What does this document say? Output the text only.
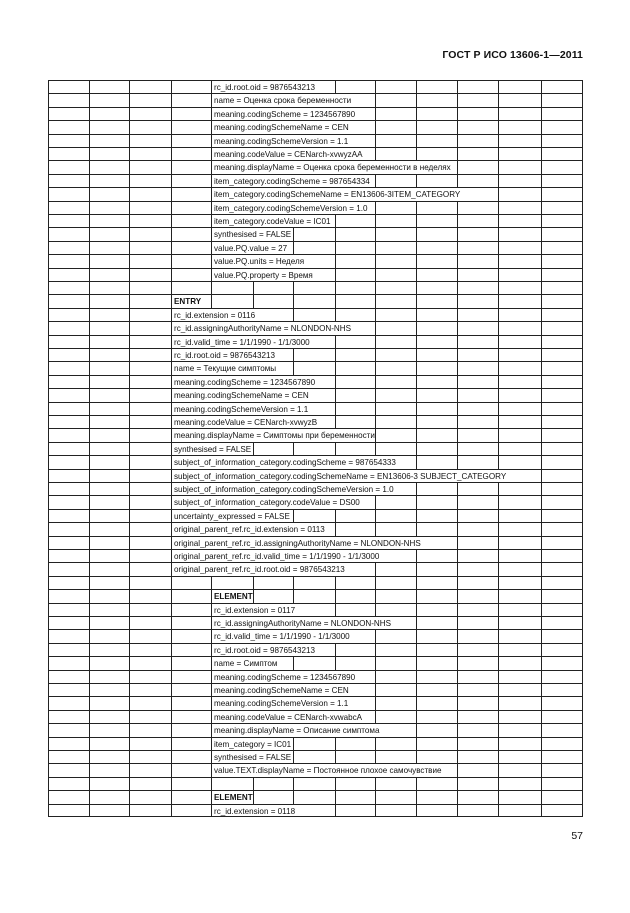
ГОСТ Р ИСО 13606-1—2011
rc_id.root.oid = 9876543213
name = Оценка срока беременности
meaning.codingScheme = 1234567890
meaning.codingSchemeName = CEN
meaning.codingSchemeVersion = 1.1
meaning.codeValue = CENarch-xvwyzAA
meaning.displayName = Оценка срока беременности в неделях
item_category.codingScheme = 987654334
item_category.codingSchemeName = EN13606-3ITEM_CATEGORY
item_category.codingSchemeVersion = 1.0
item_category.codeValue = IC01
synthesised = FALSE
value.PQ.value = 27
value.PQ.units = Неделя
value.PQ.property = Время
ENTRY
rc_id.extension = 0116
rc_id.assigningAuthorityName = NLONDON-NHS
rc_id.valid_time = 1/1/1990 - 1/1/3000
rc_id.root.oid = 9876543213
name = Текущие симптомы
meaning.codingScheme = 1234567890
meaning.codingSchemeName = CEN
meaning.codingSchemeVersion = 1.1
meaning.codeValue = CENarch-xvwyzB
meaning.displayName = Симптомы при беременности
synthesised = FALSE
subject_of_information_category.codingScheme = 987654333
subject_of_information_category.codingSchemeName = EN13606-3 SUBJECT_CATEGORY
subject_of_information_category.codingSchemeVersion = 1.0
subject_of_information_category.codeValue = DS00
uncertainty_expressed = FALSE
original_parent_ref.rc_id.extension = 0113
original_parent_ref.rc_id.assigningAuthorityName = NLONDON-NHS
original_parent_ref.rc_id.valid_time = 1/1/1990 - 1/1/3000
original_parent_ref.rc_id.root.oid = 9876543213
ELEMENT
rc_id.extension = 0117
rc_id.assigningAuthorityName = NLONDON-NHS
rc_id.valid_time = 1/1/1990 - 1/1/3000
rc_id.root.oid = 9876543213
name = Симптом
meaning.codingScheme = 1234567890
meaning.codingSchemeName = CEN
meaning.codingSchemeVersion = 1.1
meaning.codeValue = CENarch-xvwabcA
meaning.displayName = Описание симптома
item_category = IC01
synthesised = FALSE
value.TEXT.displayName = Постоянное плохое самочувствие
ELEMENT
rc_id.extension = 0118
57
